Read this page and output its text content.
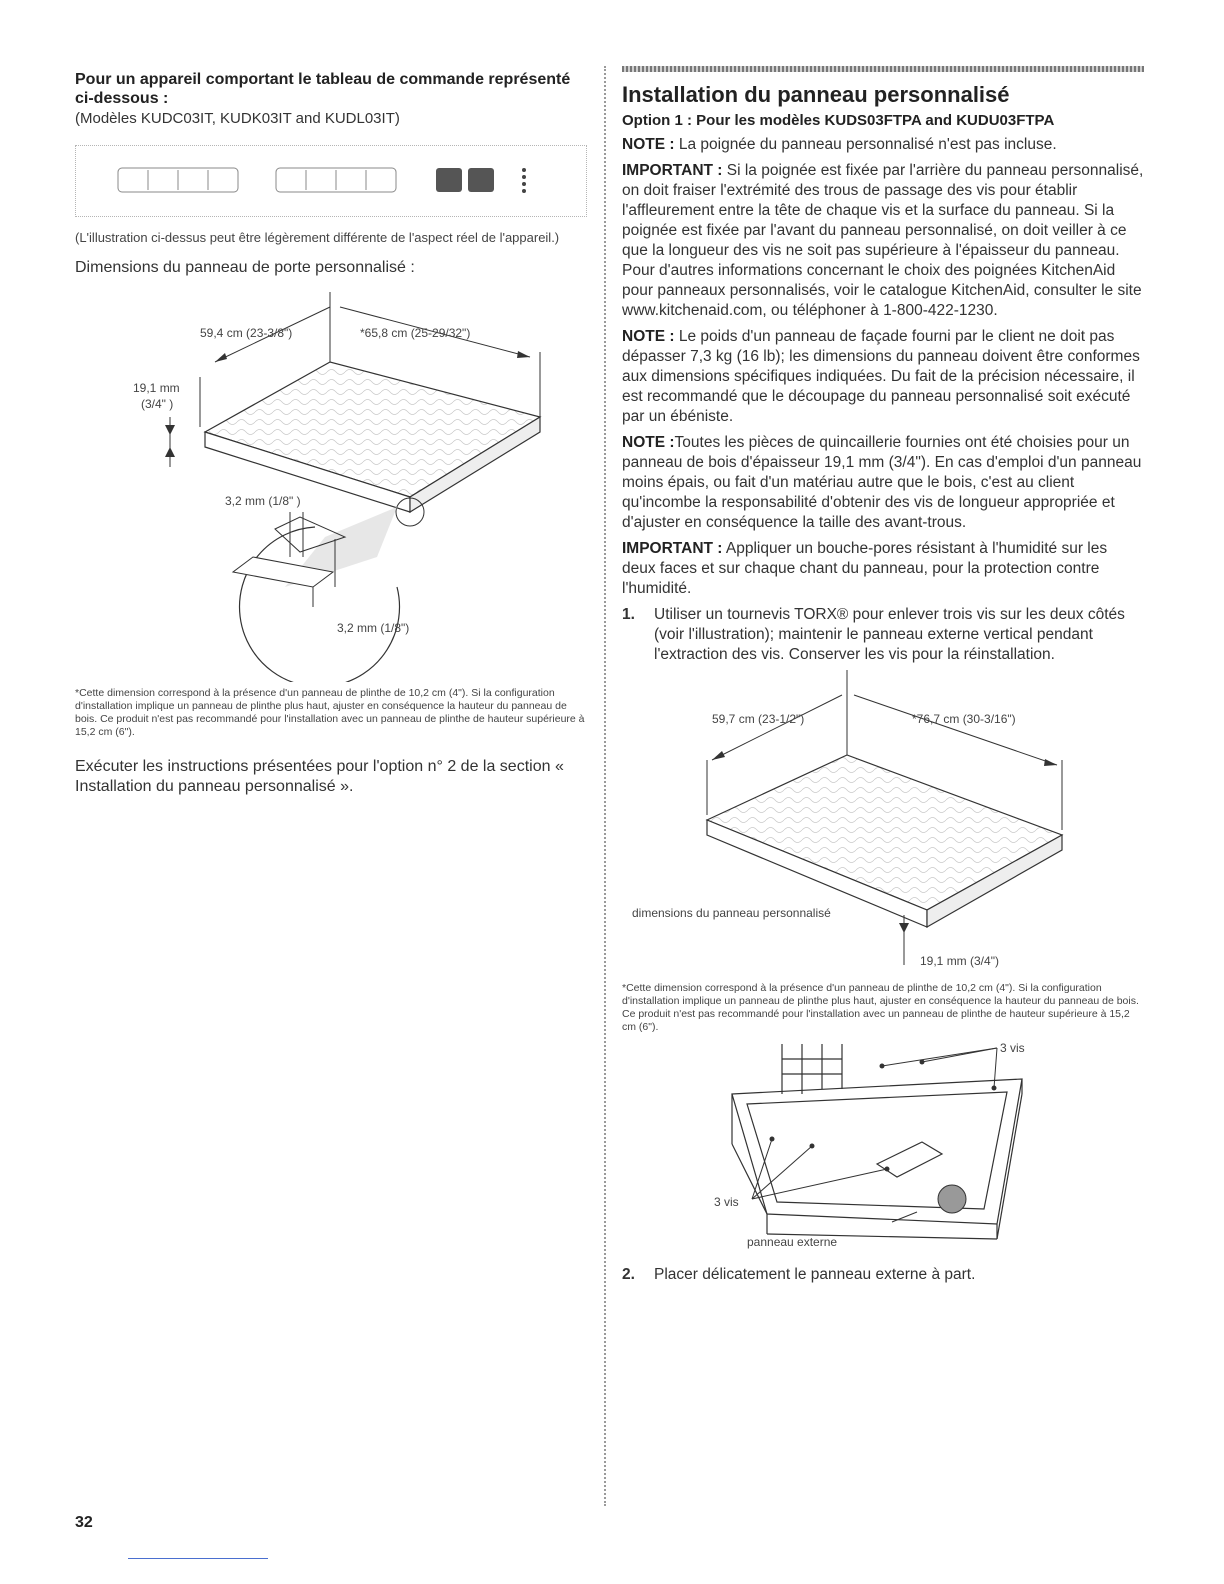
Pour un appareil comportant le tableau de commande représenté ci-dessous :

(Modèles KUDC03IT, KUDK03IT and KUDL03IT)

(L'illustration ci-dessus peut être légèrement différente de l'aspect réel de l'appareil.)

Dimensions du panneau de porte personnalisé :

59,4 cm (23-3/8")	*65,8 cm (25-29/32")
19,1 mm
(3/4" )
3,2 mm (1/8" )
3,2 mm (1/8")

*Cette dimension correspond à la présence d'un panneau de plinthe de 10,2 cm (4"). Si la configuration d'installation implique un panneau de plinthe plus haut, ajuster en conséquence la hauteur du panneau de bois. Ce produit n'est pas recommandé pour l'installation avec un panneau de plinthe de hauteur supérieure à 15,2 cm (6").

Exécuter les instructions présentées pour l'option n° 2 de la section « Installation du panneau personnalisé ».

Installation du panneau personnalisé
Option 1 : Pour les modèles KUDS03FTPA and KUDU03FTPA

NOTE : La poignée du panneau personnalisé n'est pas incluse.

IMPORTANT : Si la poignée est fixée par l'arrière du panneau personnalisé, on doit fraiser l'extrémité des trous de passage des vis pour établir l'affleurement entre la tête de chaque vis et la surface du panneau. Si la poignée est fixée par l'avant du panneau personnalisé, on doit veiller à ce que la longueur des vis ne soit pas supérieure à l'épaisseur du panneau. Pour d'autres informations concernant le choix des poignées KitchenAid pour panneaux personnalisés, voir le catalogue KitchenAid, consulter le site www.kitchenaid.com, ou téléphoner à 1-800-422-1230.

NOTE : Le poids d'un panneau de façade fourni par le client ne doit pas dépasser 7,3 kg (16 lb); les dimensions du panneau doivent être conformes aux dimensions spécifiques indiquées. Du fait de la précision nécessaire, il est recommandé que le découpage du panneau personnalisé soit exécuté par un ébéniste.

NOTE :Toutes les pièces de quincaillerie fournies ont été choisies pour un panneau de bois d'épaisseur 19,1 mm (3/4"). En cas d'emploi d'un panneau moins épais, ou fait d'un matériau autre que le bois, c'est au client qu'incombe la responsabilité d'obtenir des vis de longueur appropriée et d'ajuster en conséquence la taille des avant-trous.

IMPORTANT : Appliquer un bouche-pores résistant à l'humidité sur les deux faces et sur chaque chant du panneau, pour la protection contre l'humidité.

1.	Utiliser un tournevis TORX® pour enlever trois vis sur les deux côtés (voir l'illustration); maintenir le panneau externe vertical pendant l'extraction des vis. Conserver les vis pour la réinstallation.
59,7 cm (23-1/2")	*76,7 cm (30-3/16")
dimensions du panneau personnalisé
19,1 mm (3/4")

*Cette dimension correspond à la présence d'un panneau de plinthe de 10,2 cm (4"). Si la configuration d'installation implique un panneau de plinthe plus haut, ajuster en conséquence la hauteur du panneau de bois. Ce produit n'est pas recommandé pour l'installation avec un panneau de plinthe de hauteur supérieure à 15,2 cm (6").

3 vis
3 vis
panneau externe
2.	Placer délicatement le panneau externe à part.
32
